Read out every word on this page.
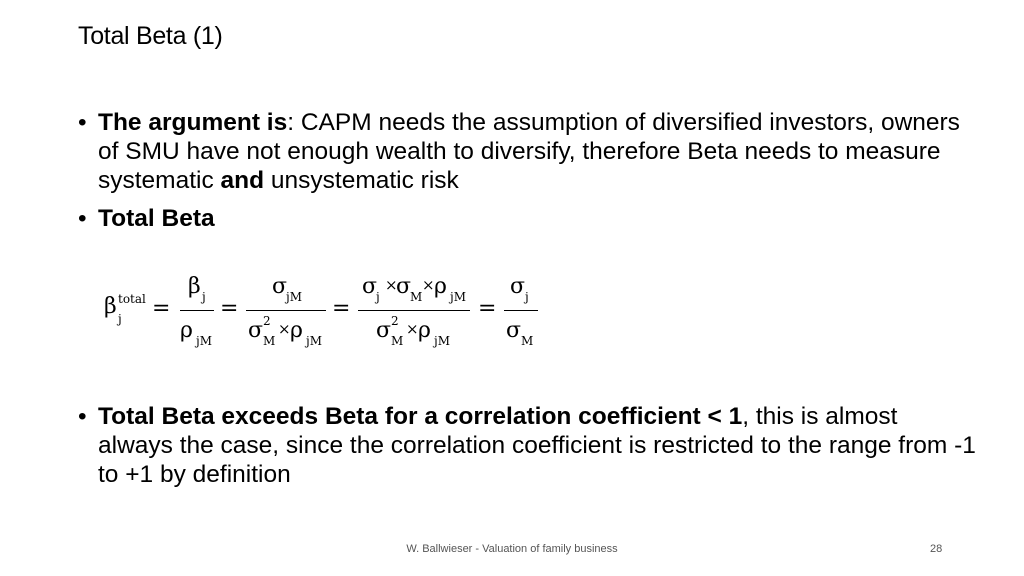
Total Beta (1)
• The argument is: CAPM needs the assumption of diversified investors, owners of SMU have not enough wealth to diversify, therefore Beta needs to measure systematic and unsystematic risk
• Total Beta
β total
j =
β j
ρ jM
=
σ
jM
σ 2
M
× ρ jM
=
σ
j
×
σ
M
× ρ jM
σ 2
M
× ρ jM
=
σ j
σ M
• Total Beta exceeds Beta for a correlation coefficient < 1, this is almost always the case, since the correlation coefficient is restricted to the range from -1 to +1 by definition
W. Ballwieser - Valuation of family business	28
